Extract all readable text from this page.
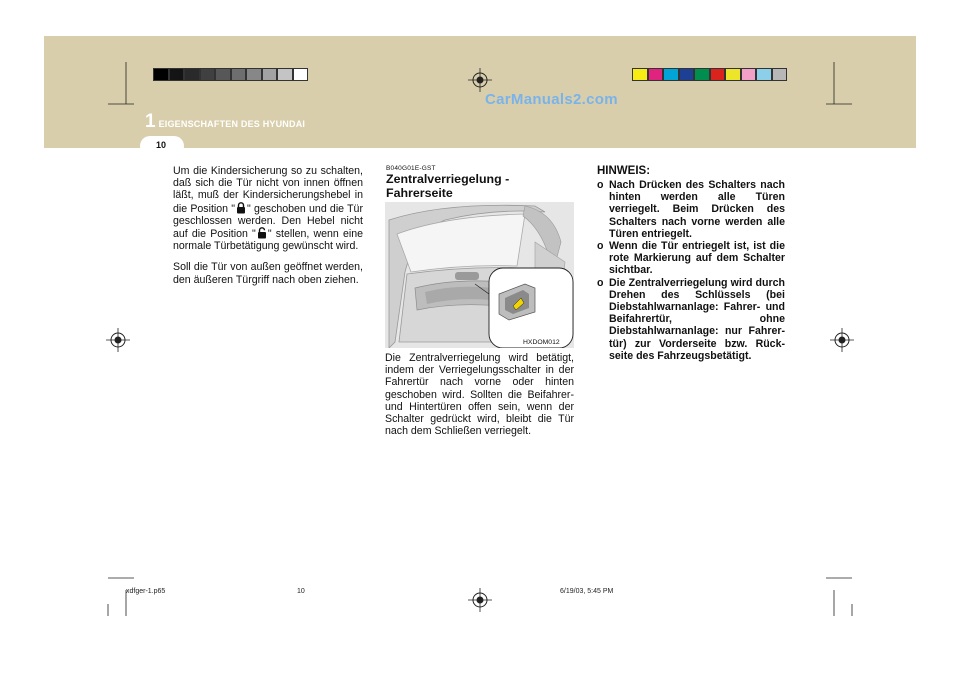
1 EIGENSCHAFTEN DES HYUNDAI
CarManuals2.com
10

Um die Kindersicherung so zu schalten, daß sich die Tür nicht von innen öffnen läßt, muß der Kindersicherungshebel in die Position " " geschoben und die Tür geschlossen werden. Den Hebel nicht auf die Position " " stellen, wenn eine normale Türbetätigung gewünscht wird.

Soll die Tür von außen geöffnet werden, den äußeren Türgriff nach oben ziehen.

B040G01E-GST
Zentralverriegelung - Fahrerseite
HXDOM012
Die Zentralverriegelung wird betätigt, indem der Verriegelungsschalter in der Fahrertür nach vorne oder hinten geschoben wird. Sollten die Beifahrer- und Hintertüren offen sein, wenn der Schalter gedrückt wird, bleibt die Tür nach dem Schließen verriegelt.
HINWEIS:
o Nach Drücken des Schalters nach hinten werden alle Türen verriegelt. Beim Drücken des Schalters nach vorne werden alle Türen entriegelt.
o Wenn die Tür entriegelt ist, ist die rote Markierung auf dem Schalter sichtbar.
o Die Zentralverriegelung wird durch Drehen des Schlüssels (bei Diebstahlwarnanlage: Fahrer- und Beifahrertür, ohne Diebstahlwarnanlage: nur Fahrer-tür) zur Vorderseite bzw. Rück-seite des Fahrzeugsbetätigt.
xdfger-1.p65	10	6/19/03, 5:45 PM
